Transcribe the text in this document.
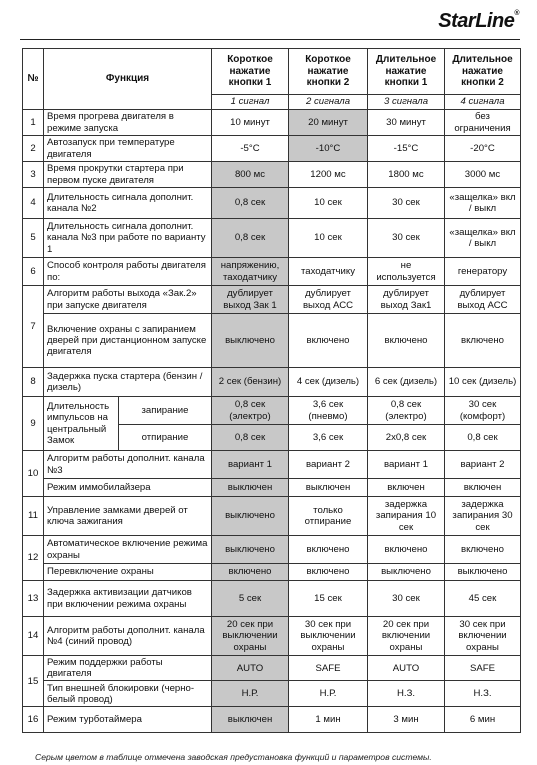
StarLine®
№	Функция		Короткое нажатие кнопки 1	Короткое нажатие кнопки 2	Длительное нажатие кнопки 1	Длительное нажатие кнопки 2
			1 сигнал	2 сигнала	3 сигнала	4 сигнала
1	Время прогрева двигателя в режиме запуска		10 минут	20 минут	30 минут	без ограничения
2	Автозапуск при температуре двигателя		-5°C	-10°C	-15°C	-20°C
3	Время прокрутки стартера при первом пуске двигателя		800 мс	1200 мс	1800 мс	3000 мс
4	Длительность сигнала дополнит. канала №2		0,8 сек	10 сек	30 сек	«защелка» вкл / выкл
5	Длительность сигнала дополнит. канала №3 при работе по варианту 1		0,8 сек	10 сек	30 сек	«защелка» вкл / выкл
6	Способ контроля работы двигателя по:		напряжению, таходатчику	таходатчику	не используется	генератору
7	Алгоритм работы выхода «Зак.2» при запуске двигателя		дублирует выход Зак 1	дублирует выход АСС	дублирует выход Зак1	дублирует выход АСС
	Включение охраны с запиранием дверей при дистанционном запуске двигателя		выключено	включено	включено	включено
8	Задержка пуска стартера (бензин / дизель)		2 сек (бензин)	4 сек (дизель)	6 сек (дизель)	10 сек (дизель)
9	Длительность импульсов на центральный Замок	запирание	0,8 сек (электро)	3,6 сек (пневмо)	0,8 сек (электро)	30 сек (комфорт)
		отпирание	0,8 сек	3,6 сек	2х0,8 сек	0,8 сек
10	Алгоритм работы дополнит. канала №3		вариант 1	вариант 2	вариант 1	вариант 2
	Режим иммобилайзера		выключен	выключен	включен	включен
11	Управление замками дверей от ключа зажигания		выключено	только отпирание	задержка запирания 10 сек	задержка запирания 30 сек
12	Автоматическое включение режима охраны		выключено	включено	включено	включено
	Перевключение охраны		включено	включено	выключено	выключено
13	Задержка активизации датчиков при включении режима охраны		5 сек	15 сек	30 сек	45 сек
14	Алгоритм работы дополнит. канала №4 (синий провод)		20 сек при выключении охраны	30 сек при выключении охраны	20 сек при включении охраны	30 сек при включении охраны
15	Режим поддержки работы двигателя		AUTO	SAFE	AUTO	SAFE
	Тип внешней блокировки (черно-белый провод)		Н.Р.	Н.Р.	Н.З.	Н.З.
16	Режим турботаймера		выключен	1 мин	3 мин	6 мин
Серым цветом в таблице отмечена заводская предустановка функций и параметров системы.
